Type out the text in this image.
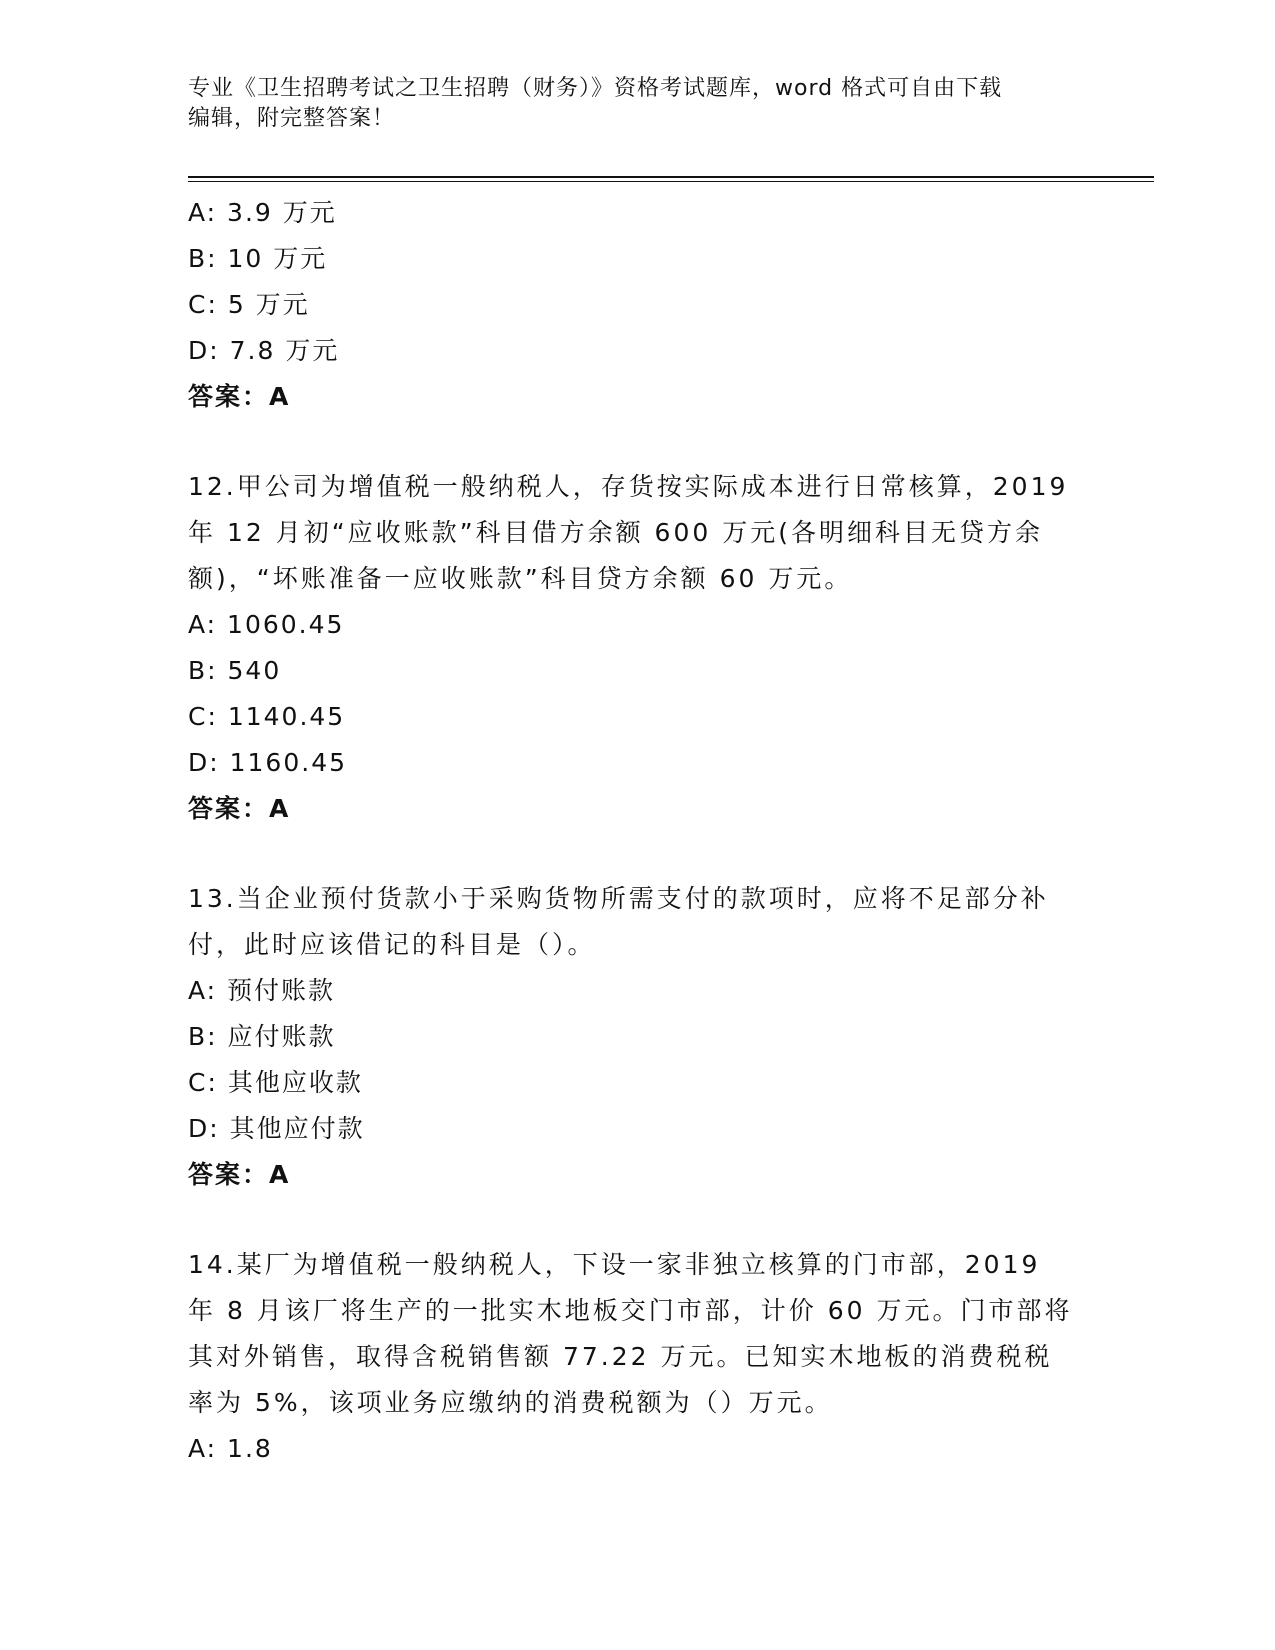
专业《卫生招聘考试之卫生招聘（财务）》资格考试题库，word 格式可自由下载
编辑，附完整答案！
A: 3.9 万元
B: 10 万元
C: 5 万元
D: 7.8 万元
答案：A
12.甲公司为增值税一般纳税人，存货按实际成本进行日常核算，2019
年 12 月初“应收账款”科目借方余额 600 万元(各明细科目无贷方余
额)，“坏账准备一应收账款”科目贷方余额 60 万元。
A: 1060.45
B: 540
C: 1140.45
D: 1160.45
答案：A
13.当企业预付货款小于采购货物所需支付的款项时，应将不足部分补
付，此时应该借记的科目是（）。
A: 预付账款
B: 应付账款
C: 其他应收款
D: 其他应付款
答案：A
14.某厂为增值税一般纳税人，下设一家非独立核算的门市部，2019
年 8 月该厂将生产的一批实木地板交门市部，计价 60 万元。门市部将
其对外销售，取得含税销售额 77.22 万元。已知实木地板的消费税税
率为 5%，该项业务应缴纳的消费税额为（）万元。
A: 1.8
